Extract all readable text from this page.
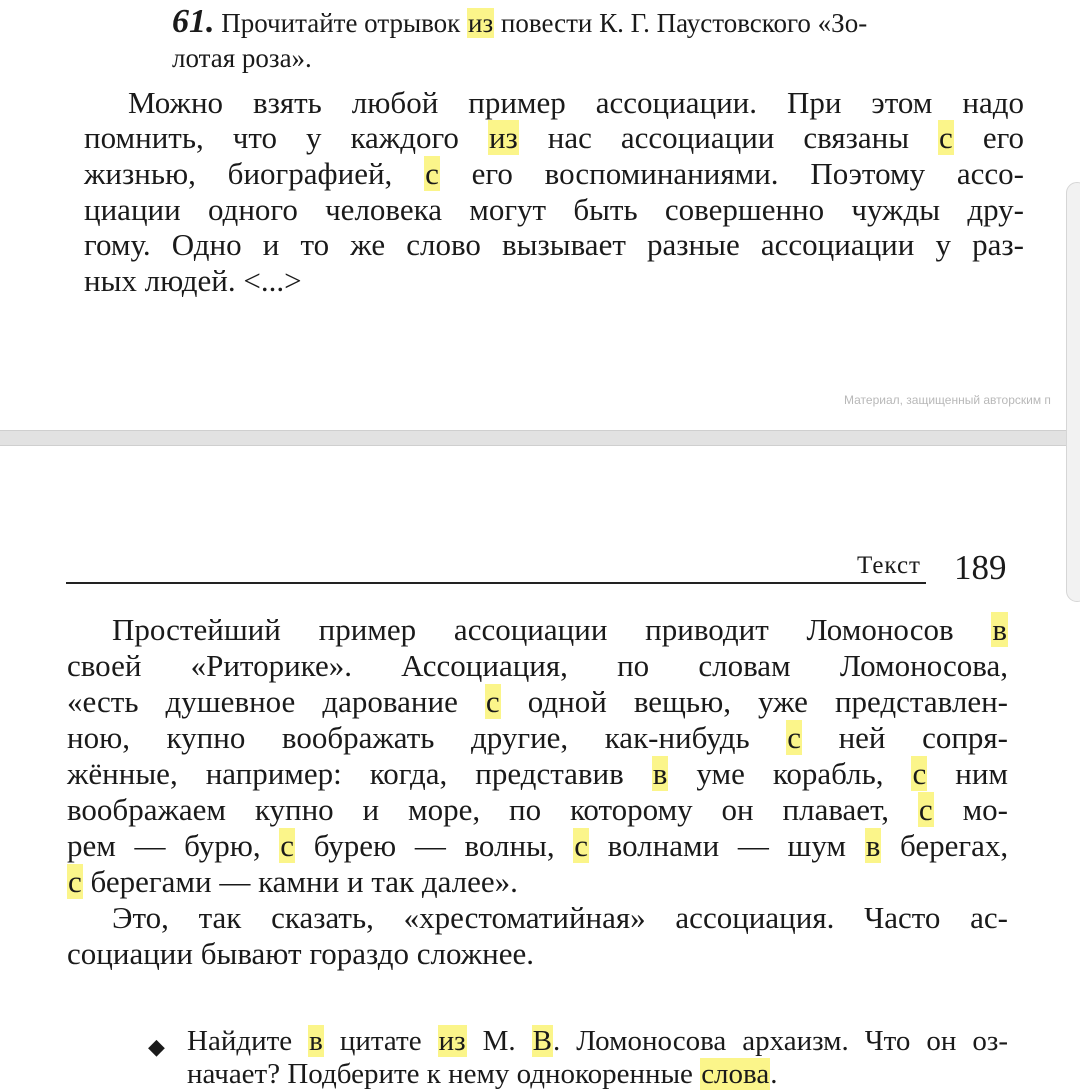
61. Прочитайте отрывок из повести К. Г. Паустовского «Зо-
лотая роза».
Можно взять любой пример ассоциации. При этом надо
помнить, что у каждого из нас ассоциации связаны с его
жизнью, биографией, с его воспоминаниями. Поэтому ассо-
циации одного человека могут быть совершенно чужды дру-
гому. Одно и то же слово вызывает разные ассоциации у раз-
ных людей. <...>
Материал, защищенный авторским п
Текст 189
Простейший пример ассоциации приводит Ломоносов в
своей «Риторике». Ассоциация, по словам Ломоносова,
«есть душевное дарование с одной вещью, уже представлен-
ною, купно воображать другие, как-нибудь с ней сопря-
жённые, например: когда, представив в уме корабль, с ним
воображаем купно и море, по которому он плавает, с мо-
рем — бурю, с бурею — волны, с волнами — шум в берегах,
с берегами — камни и так далее».
Это, так сказать, «хрестоматийная» ассоциация. Часто ас-
социации бывают гораздо сложнее.
◆ Найдите в цитате из М. В. Ломоносова архаизм. Что он оз-
начает? Подберите к нему однокоренные слова.
